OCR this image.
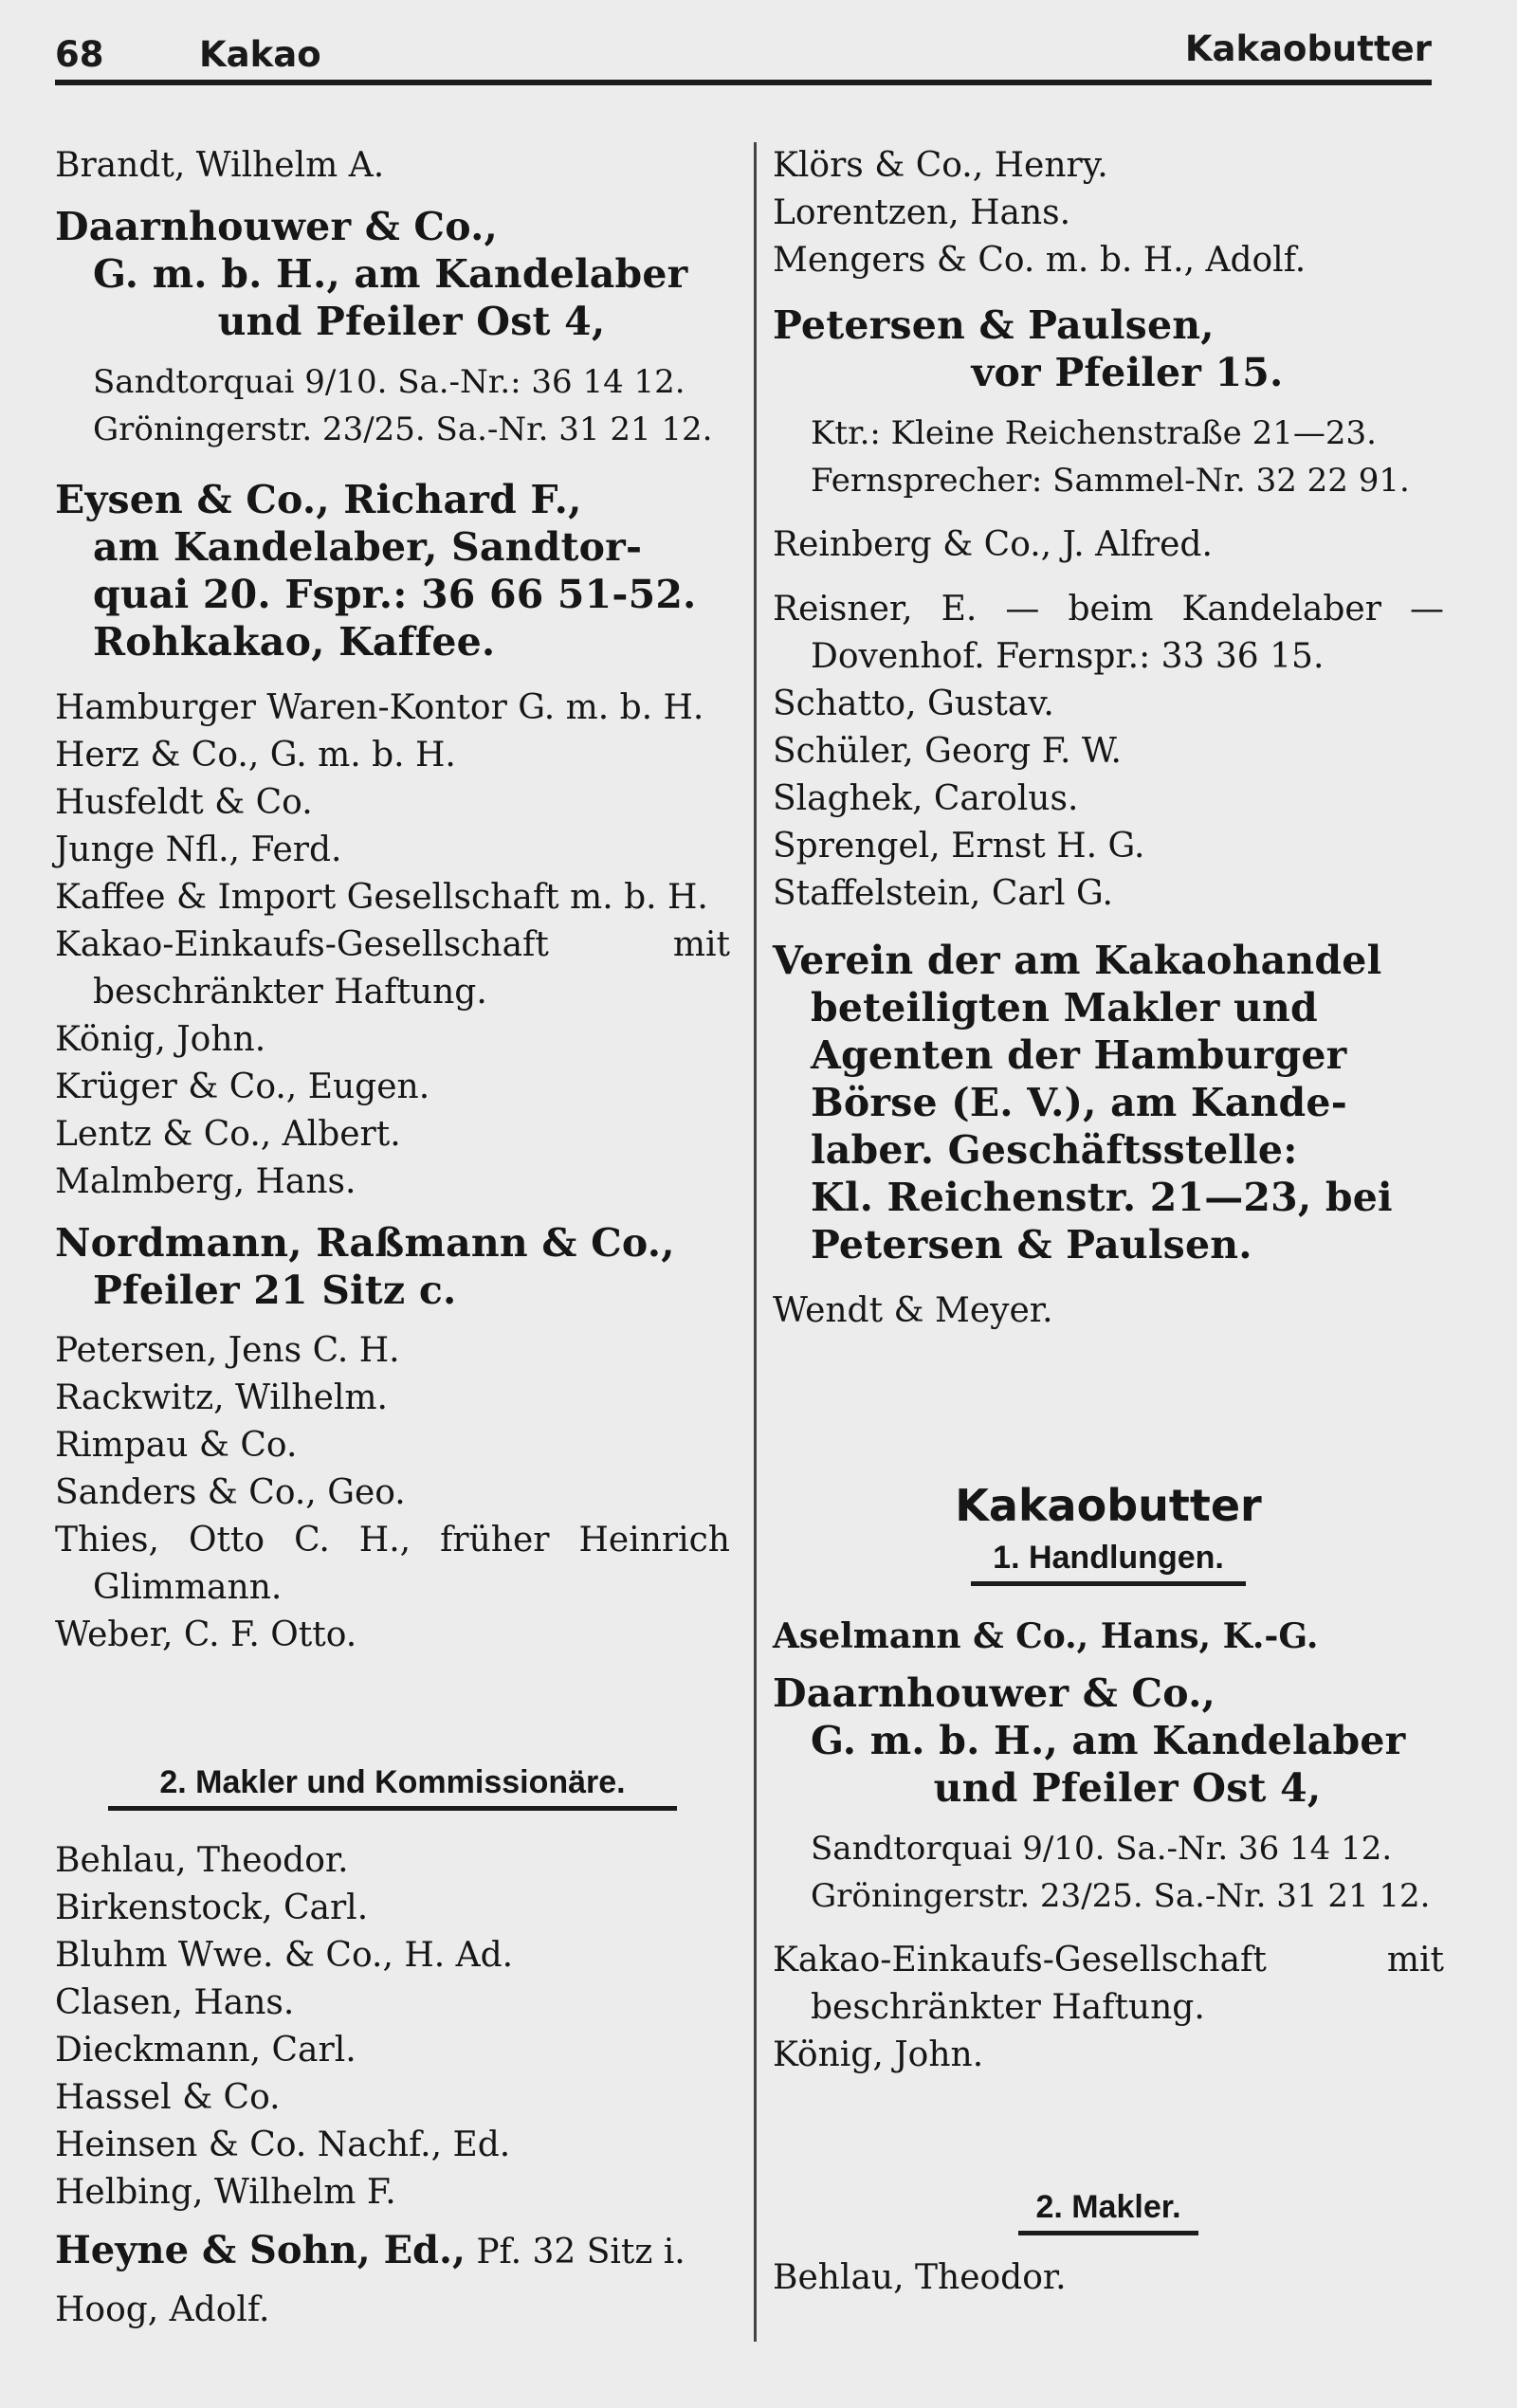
68	Kakao	Kakaobutter

Brandt, Wilhelm A.

Daarnhouwer & Co.,
G. m. b. H., am Kandelaber
und Pfeiler Ost 4,
Sandtorquai 9/10. Sa.-Nr.: 36 14 12.
Gröningerstr. 23/25. Sa.-Nr. 31 21 12.
Eysen & Co., Richard F.,
am Kandelaber, Sandtor-
quai 20. Fspr.: 36 66 51-52.
Rohkakao, Kaffee.

Hamburger Waren-Kontor G. m. b. H.

Herz & Co., G. m. b. H.

Husfeldt & Co.

Junge Nfl., Ferd.

Kaffee & Import Gesellschaft m. b. H.

Kakao-Einkaufs-Gesellschaft mit beschränkter Haftung.

König, John.

Krüger & Co., Eugen.

Lentz & Co., Albert.

Malmberg, Hans.

Nordmann, Raßmann & Co.,
Pfeiler 21 Sitz c.

Petersen, Jens C. H.

Rackwitz, Wilhelm.

Rimpau & Co.

Sanders & Co., Geo.

Thies, Otto C. H., früher Heinrich Glimmann.

Weber, C. F. Otto.

2. Makler und Kommissionäre.

Behlau, Theodor.

Birkenstock, Carl.

Bluhm Wwe. & Co., H. Ad.

Clasen, Hans.

Dieckmann, Carl.

Hassel & Co.

Heinsen & Co. Nachf., Ed.

Helbing, Wilhelm F.

Heyne & Sohn, Ed., Pf. 32 Sitz i.

Hoog, Adolf.

Klörs & Co., Henry.

Lorentzen, Hans.

Mengers & Co. m. b. H., Adolf.

Petersen & Paulsen,
vor Pfeiler 15.
Ktr.: Kleine Reichenstraße 21—23.
Fernsprecher: Sammel-Nr. 32 22 91.

Reinberg & Co., J. Alfred.

Reisner, E. — beim Kandelaber — Dovenhof. Fernspr.: 33 36 15.

Schatto, Gustav.

Schüler, Georg F. W.

Slaghek, Carolus.

Sprengel, Ernst H. G.

Staffelstein, Carl G.

Verein der am Kakaohandel
beteiligten Makler und
Agenten der Hamburger
Börse (E. V.), am Kande-
laber. Geschäftsstelle:
Kl. Reichenstr. 21—23, bei
Petersen & Paulsen.

Wendt & Meyer.

Kakaobutter

1. Handlungen.

Aselmann & Co., Hans, K.-G.

Daarnhouwer & Co.,
G. m. b. H., am Kandelaber
und Pfeiler Ost 4,
Sandtorquai 9/10. Sa.-Nr. 36 14 12.
Gröningerstr. 23/25. Sa.-Nr. 31 21 12.

Kakao-Einkaufs-Gesellschaft mit beschränkter Haftung.

König, John.

2. Makler.

Behlau, Theodor.
